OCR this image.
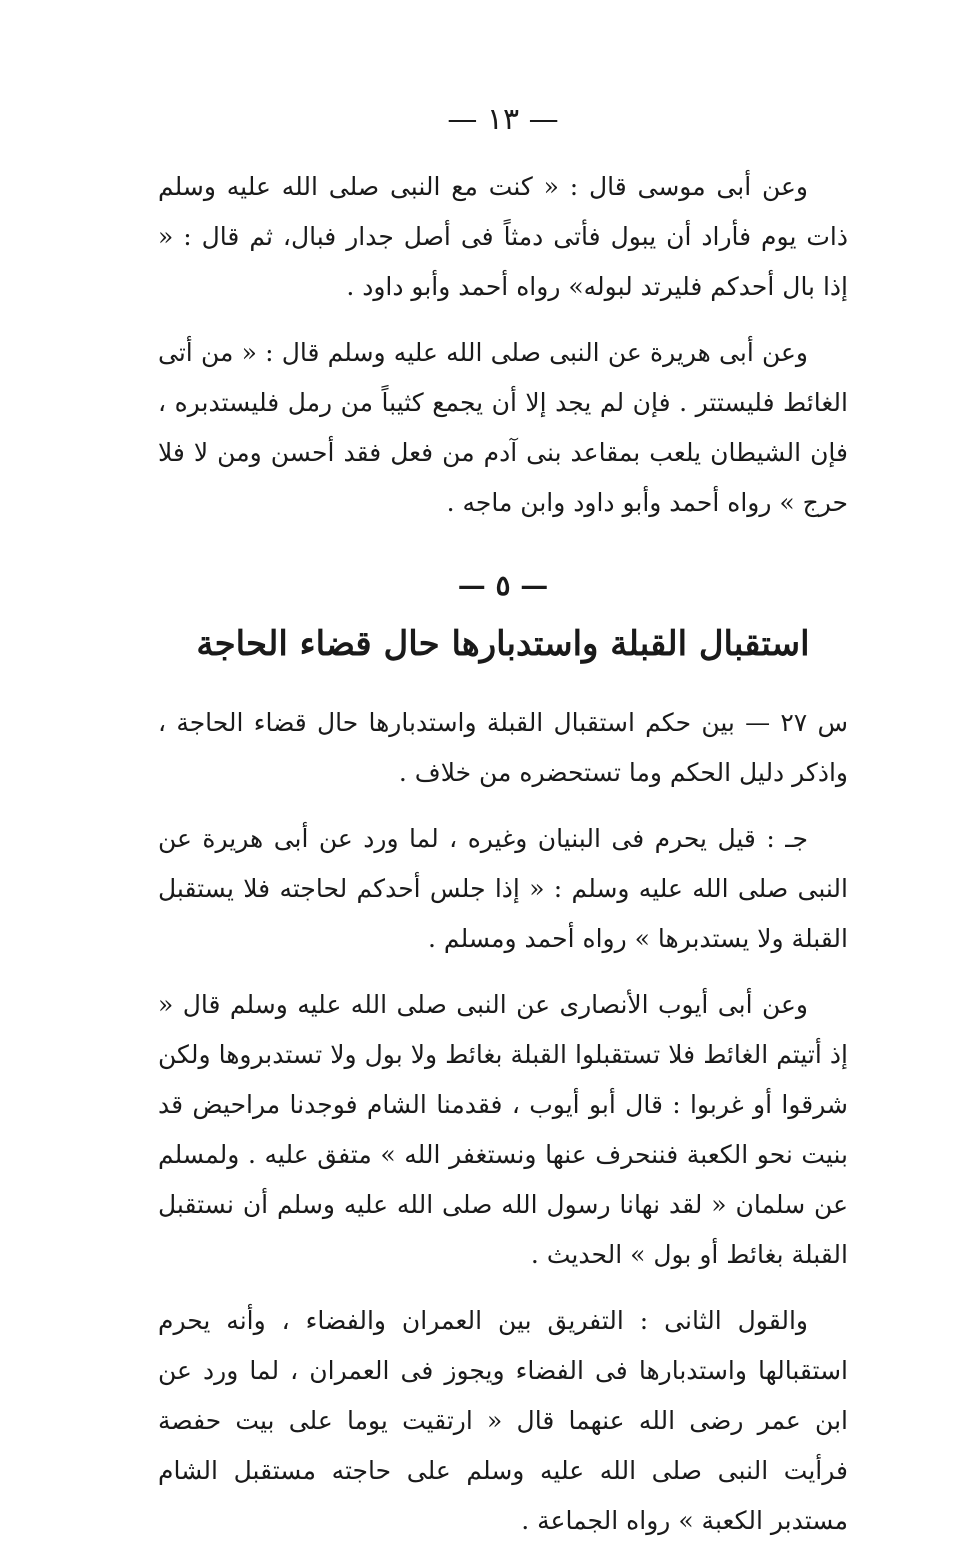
— ١٣ —

وعن أبى موسى قال : « كنت مع النبى صلى الله عليه وسلم ذات يوم فأراد أن يبول فأتى دمثاً فى أصل جدار فبال، ثم قال : « إذا بال أحدكم فليرتد لبوله» رواه أحمد وأبو داود .

وعن أبى هريرة عن النبى صلى الله عليه وسلم قال : « من أتى الغائط فليستتر . فإن لم يجد إلا أن يجمع كثيباً من رمل فليستدبره ، فإن الشيطان يلعب بمقاعد بنى آدم من فعل فقد أحسن ومن لا فلا حرج » رواه أحمد وأبو داود وابن ماجه .

— ٥ —
استقبال القبلة واستدبارها حال قضاء الحاجة

س ٢٧ — بين حكم استقبال القبلة واستدبارها حال قضاء الحاجة ، واذكر دليل الحكم وما تستحضره من خلاف .

جـ : قيل يحرم فى البنيان وغيره ، لما ورد عن أبى هريرة عن النبى صلى الله عليه وسلم : « إذا جلس أحدكم لحاجته فلا يستقبل القبلة ولا يستدبرها » رواه أحمد ومسلم .

وعن أبى أيوب الأنصارى عن النبى صلى الله عليه وسلم قال « إذ أتيتم الغائط فلا تستقبلوا القبلة بغائط ولا بول ولا تستدبروها ولكن شرقوا أو غربوا : قال أبو أيوب ، فقدمنا الشام فوجدنا مراحيض قد بنيت نحو الكعبة فننحرف عنها ونستغفر الله » متفق عليه . ولمسلم عن سلمان « لقد نهانا رسول الله صلى الله عليه وسلم أن نستقبل القبلة بغائط أو بول » الحديث .

والقول الثانى : التفريق بين العمران والفضاء ، وأنه يحرم استقبالها واستدبارها فى الفضاء ويجوز فى العمران ، لما ورد عن ابن عمر رضى الله عنهما قال « ارتقيت يوما على بيت حفصة فرأيت النبى صلى الله عليه وسلم على حاجته مستقبل الشام مستدبر الكعبة » رواه الجماعة .
